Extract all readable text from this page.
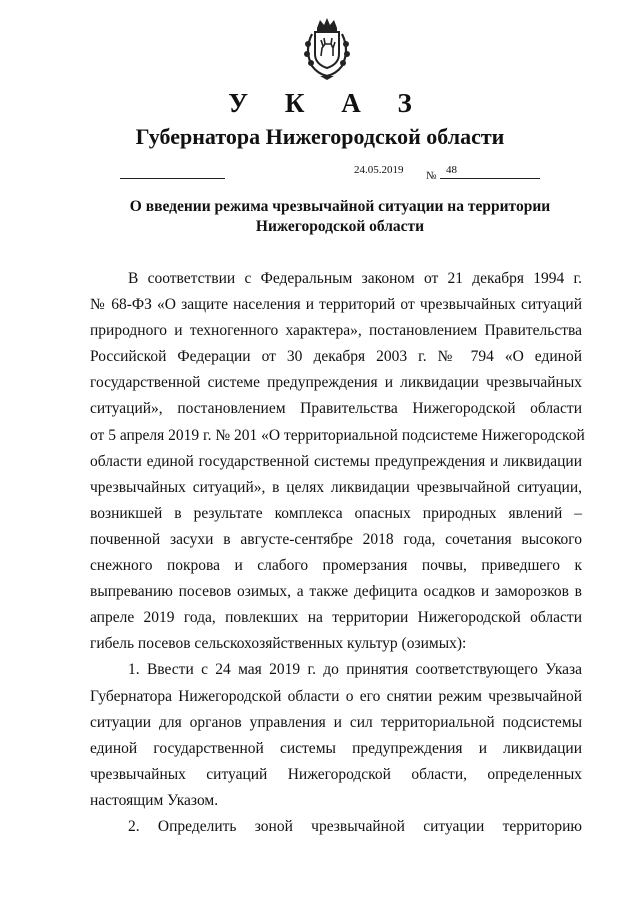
У К А З
Губернатора Нижегородской области
24.05.2019 № 48
О введении режима чрезвычайной ситуации на территории
Нижегородской области
В соответствии с Федеральным законом от 21 декабря 1994 г.
№ 68-ФЗ «О защите населения и территорий от чрезвычайных ситуаций
природного и техногенного характера», постановлением Правительства
Российской Федерации от 30 декабря 2003 г. № 794 «О единой
государственной системе предупреждения и ликвидации чрезвычайных
ситуаций», постановлением Правительства Нижегородской области
от 5 апреля 2019 г. № 201 «О территориальной подсистеме Нижегородской
области единой государственной системы предупреждения и ликвидации
чрезвычайных ситуаций», в целях ликвидации чрезвычайной ситуации,
возникшей в результате комплекса опасных природных явлений –
почвенной засухи в августе-сентябре 2018 года, сочетания высокого
снежного покрова и слабого промерзания почвы, приведшего к
выпреванию посевов озимых, а также дефицита осадков и заморозков в
апреле 2019 года, повлекших на территории Нижегородской области
гибель посевов сельскохозяйственных культур (озимых):
1. Ввести с 24 мая 2019 г. до принятия соответствующего Указа
Губернатора Нижегородской области о его снятии режим чрезвычайной
ситуации для органов управления и сил территориальной подсистемы
единой государственной системы предупреждения и ликвидации
чрезвычайных ситуаций Нижегородской области, определенных
настоящим Указом.
2. Определить зоной чрезвычайной ситуации территорию
